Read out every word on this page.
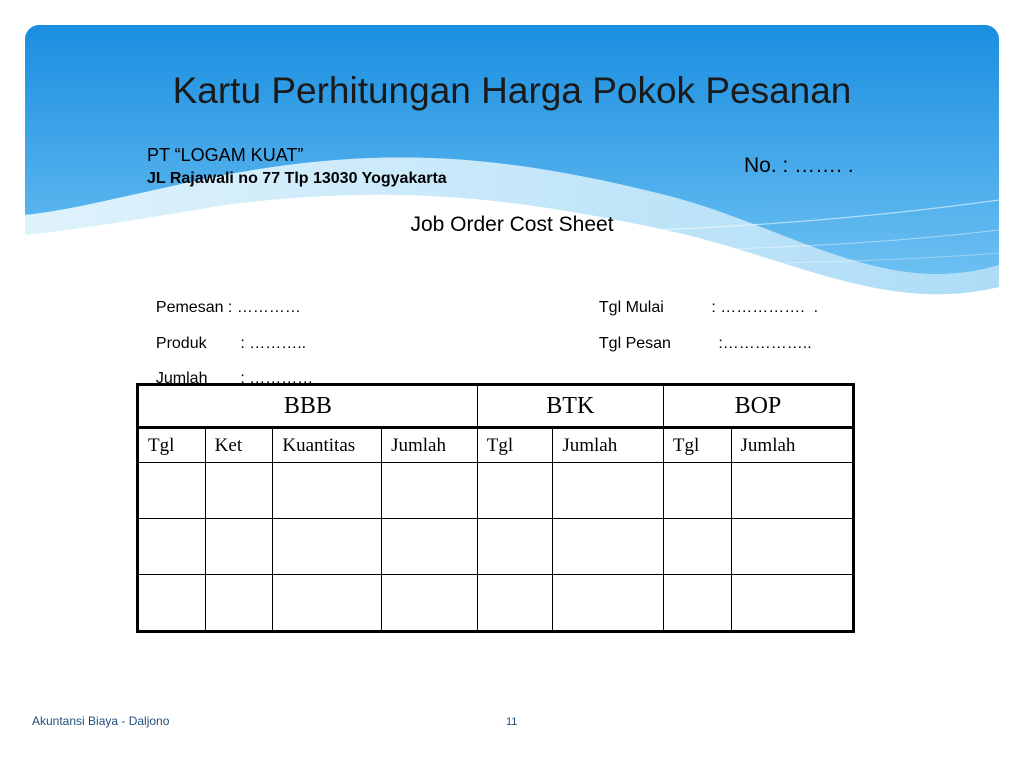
Kartu Perhitungan Harga Pokok Pesanan
PT “LOGAM KUAT”
JL Rajawali no 77 Tlp 13030 Yogyakarta
No. : ……. .
Job Order Cost Sheet

Pemesan : …………

Produk : ………..

Jumlah : …………

Tgl Mulai	: …………….  .

Tgl Pesan	:……………..

BBB				BTK		BOP	
Tgl	Ket	Kuantitas	Jumlah	Tgl	Jumlah	Tgl	Jumlah

Akuntansi Biaya - Daljono	11
